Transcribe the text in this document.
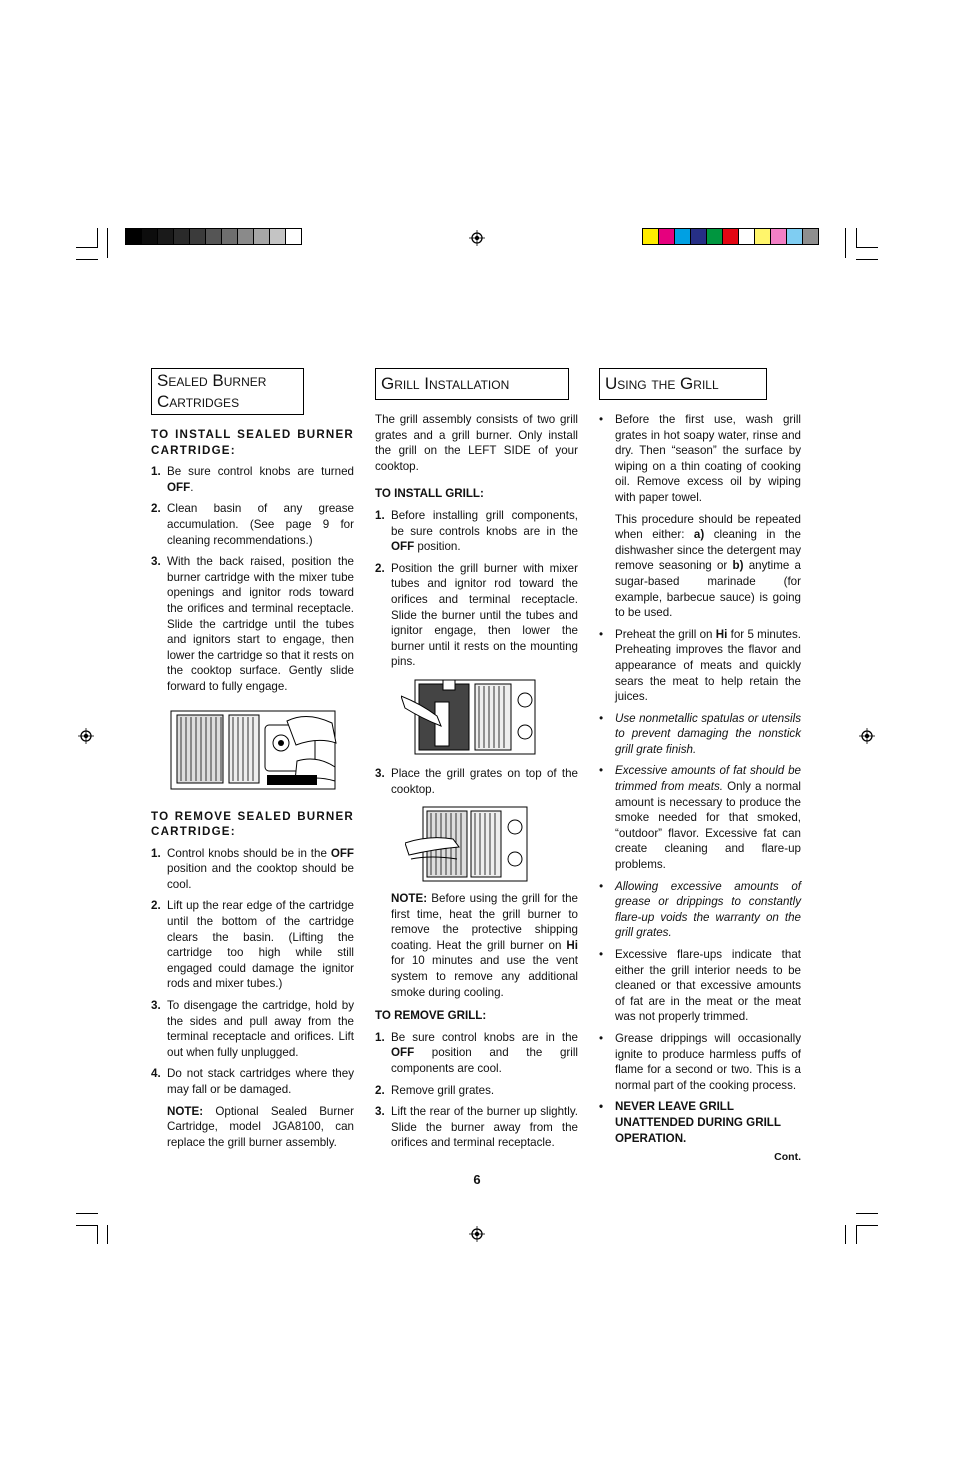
Sealed Burner
Cartridges
TO INSTALL SEALED BURNER CARTRIDGE:
1. Be sure control knobs are turned OFF.
2. Clean basin of any grease accumulation. (See page 9 for cleaning recommendations.)
3. With the back raised, position the burner cartridge with the mixer tube openings and ignitor rods toward the orifices and terminal receptacle. Slide the cartridge until the tubes and ignitors start to engage, then lower the cartridge so that it rests on the cooktop surface. Gently slide forward to fully engage.
TO REMOVE SEALED BURNER CARTRIDGE:
1. Control knobs should be in the OFF position and the cooktop should be cool.
2. Lift up the rear edge of the cartridge until the bottom of the cartridge clears the basin. (Lifting the cartridge too high while still engaged could damage the ignitor rods and mixer tubes.)
3. To disengage the cartridge, hold by the sides and pull away from the terminal receptacle and orifices. Lift out when fully unplugged.
4. Do not stack cartridges where they may fall or be damaged.
NOTE: Optional Sealed Burner Cartridge, model JGA8100, can replace the grill burner assembly.
Grill Installation

The grill assembly consists of two grill grates and a grill burner. Only install the grill on the LEFT SIDE of your cooktop.

TO INSTALL GRILL:
1. Before installing grill components, be sure controls knobs are in the OFF position.
2. Position the grill burner with mixer tubes and ignitor rod toward the orifices and terminal receptacle. Slide the burner until the tubes and ignitor engage, then lower the burner until it rests on the mounting pins.
3. Place the grill grates on top of the cooktop.
NOTE: Before using the grill for the first time, heat the grill burner to remove the protective shipping coating. Heat the grill burner on Hi for 10 minutes and use the vent system to remove any additional smoke during cooling.
TO REMOVE GRILL:
1. Be sure control knobs are in the OFF position and the grill components are cool.
2. Remove grill grates.
3. Lift the rear of the burner up slightly. Slide the burner away from the orifices and terminal receptacle.
Using the Grill
• Before the first use, wash grill grates in hot soapy water, rinse and dry. Then “season” the surface by wiping on a thin coating of cooking oil. Remove excess oil by wiping with paper towel.
This procedure should be repeated when either: a) cleaning in the dishwasher since the detergent may remove seasoning or b) anytime a sugar-based marinade (for example, barbecue sauce) is going to be used.
• Preheat the grill on Hi for 5 minutes. Preheating improves the flavor and appearance of meats and quickly sears the meat to help retain the juices.
• Use nonmetallic spatulas or utensils to prevent damaging the nonstick grill grate finish.
• Excessive amounts of fat should be trimmed from meats. Only a normal amount is necessary to produce the smoke needed for that smoked, “outdoor” flavor. Excessive fat can create cleaning and flare-up problems.
• Allowing excessive amounts of grease or drippings to constantly flare-up voids the warranty on the grill grates.
• Excessive flare-ups indicate that either the grill interior needs to be cleaned or that excessive amounts of fat are in the meat or the meat was not properly trimmed.
• Grease drippings will occasionally ignite to produce harmless puffs of flame for a second or two. This is a normal part of the cooking process.
• NEVER LEAVE GRILL UNATTENDED DURING GRILL OPERATION.
Cont.
6
